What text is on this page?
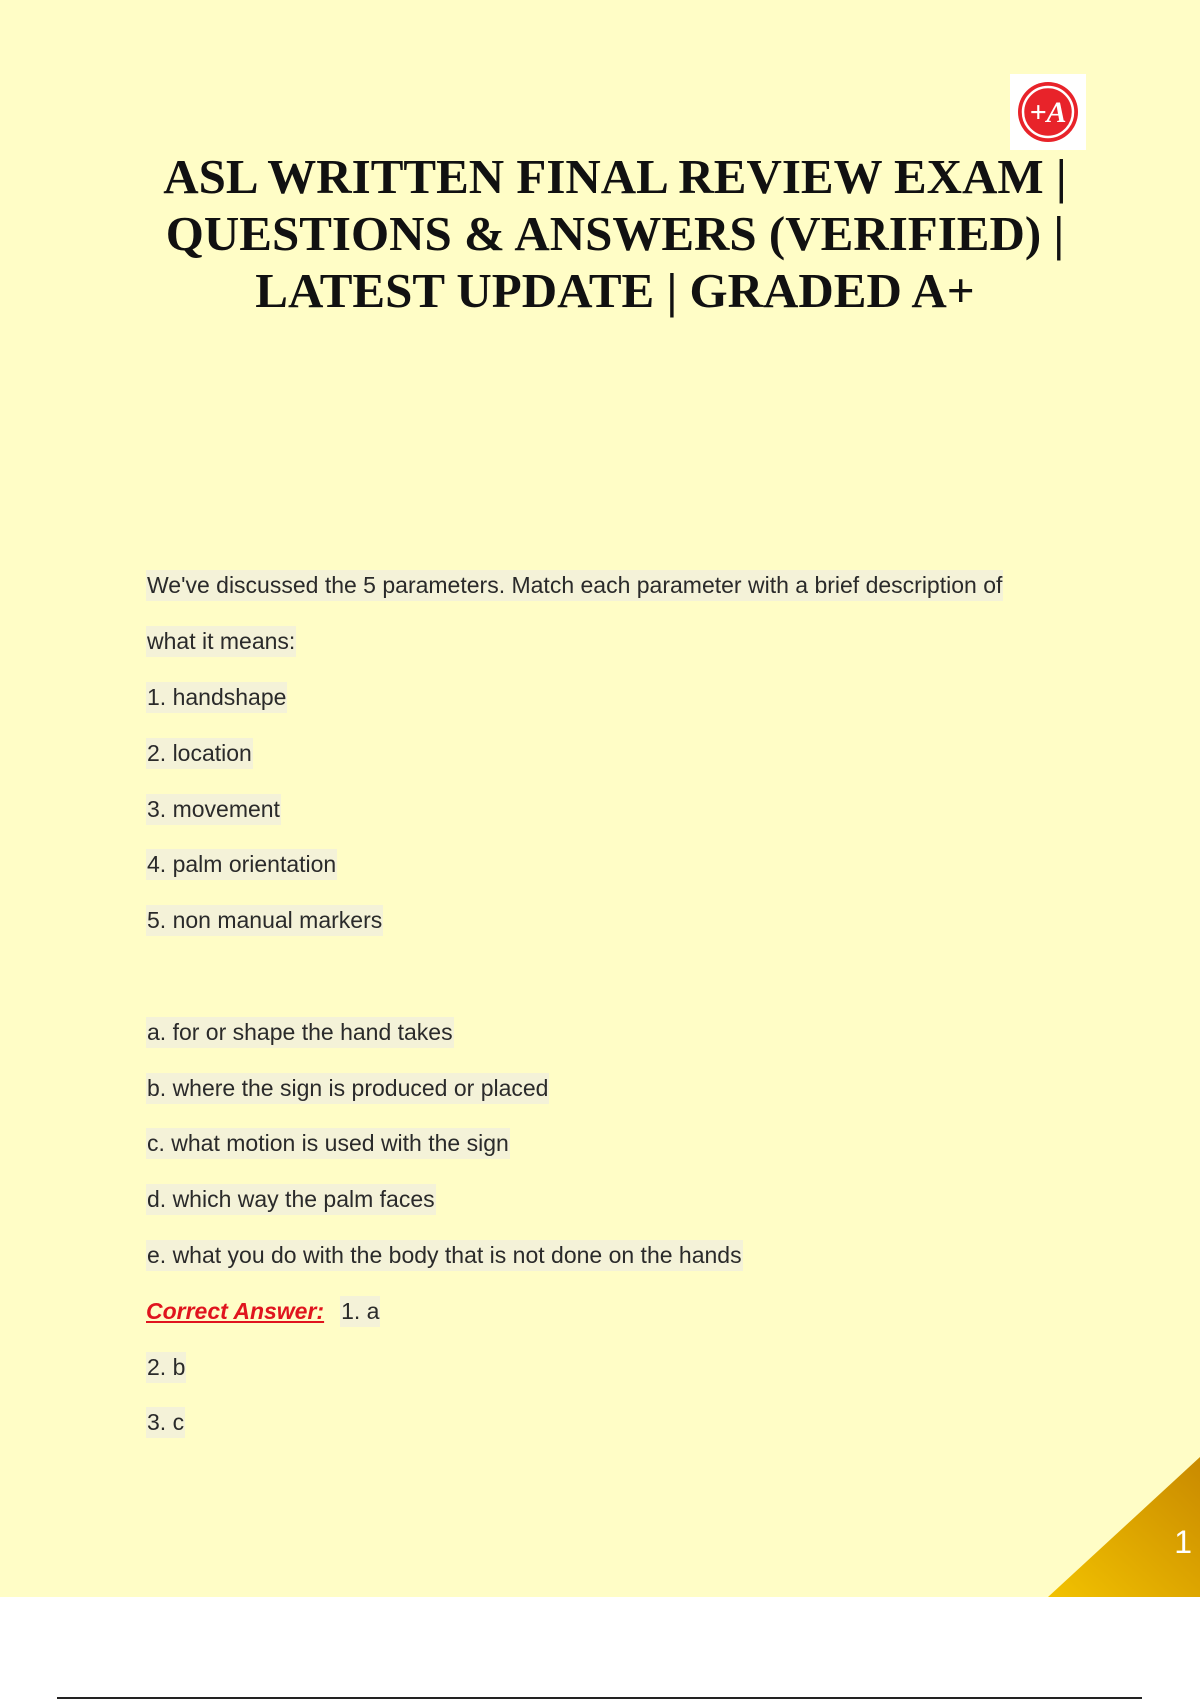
+A
ASL WRITTEN FINAL REVIEW EXAM |
QUESTIONS & ANSWERS (VERIFIED) |
LATEST UPDATE | GRADED A+
We've discussed the 5 parameters. Match each parameter with a brief description of
what it means:
1. handshape
2. location
3. movement
4. palm orientation
5. non manual markers
a. for or shape the hand takes
b. where the sign is produced or placed
c. what motion is used with the sign
d. which way the palm faces
e. what you do with the body that is not done on the hands
Correct Answer: 1. a
2. b
3. c
1
